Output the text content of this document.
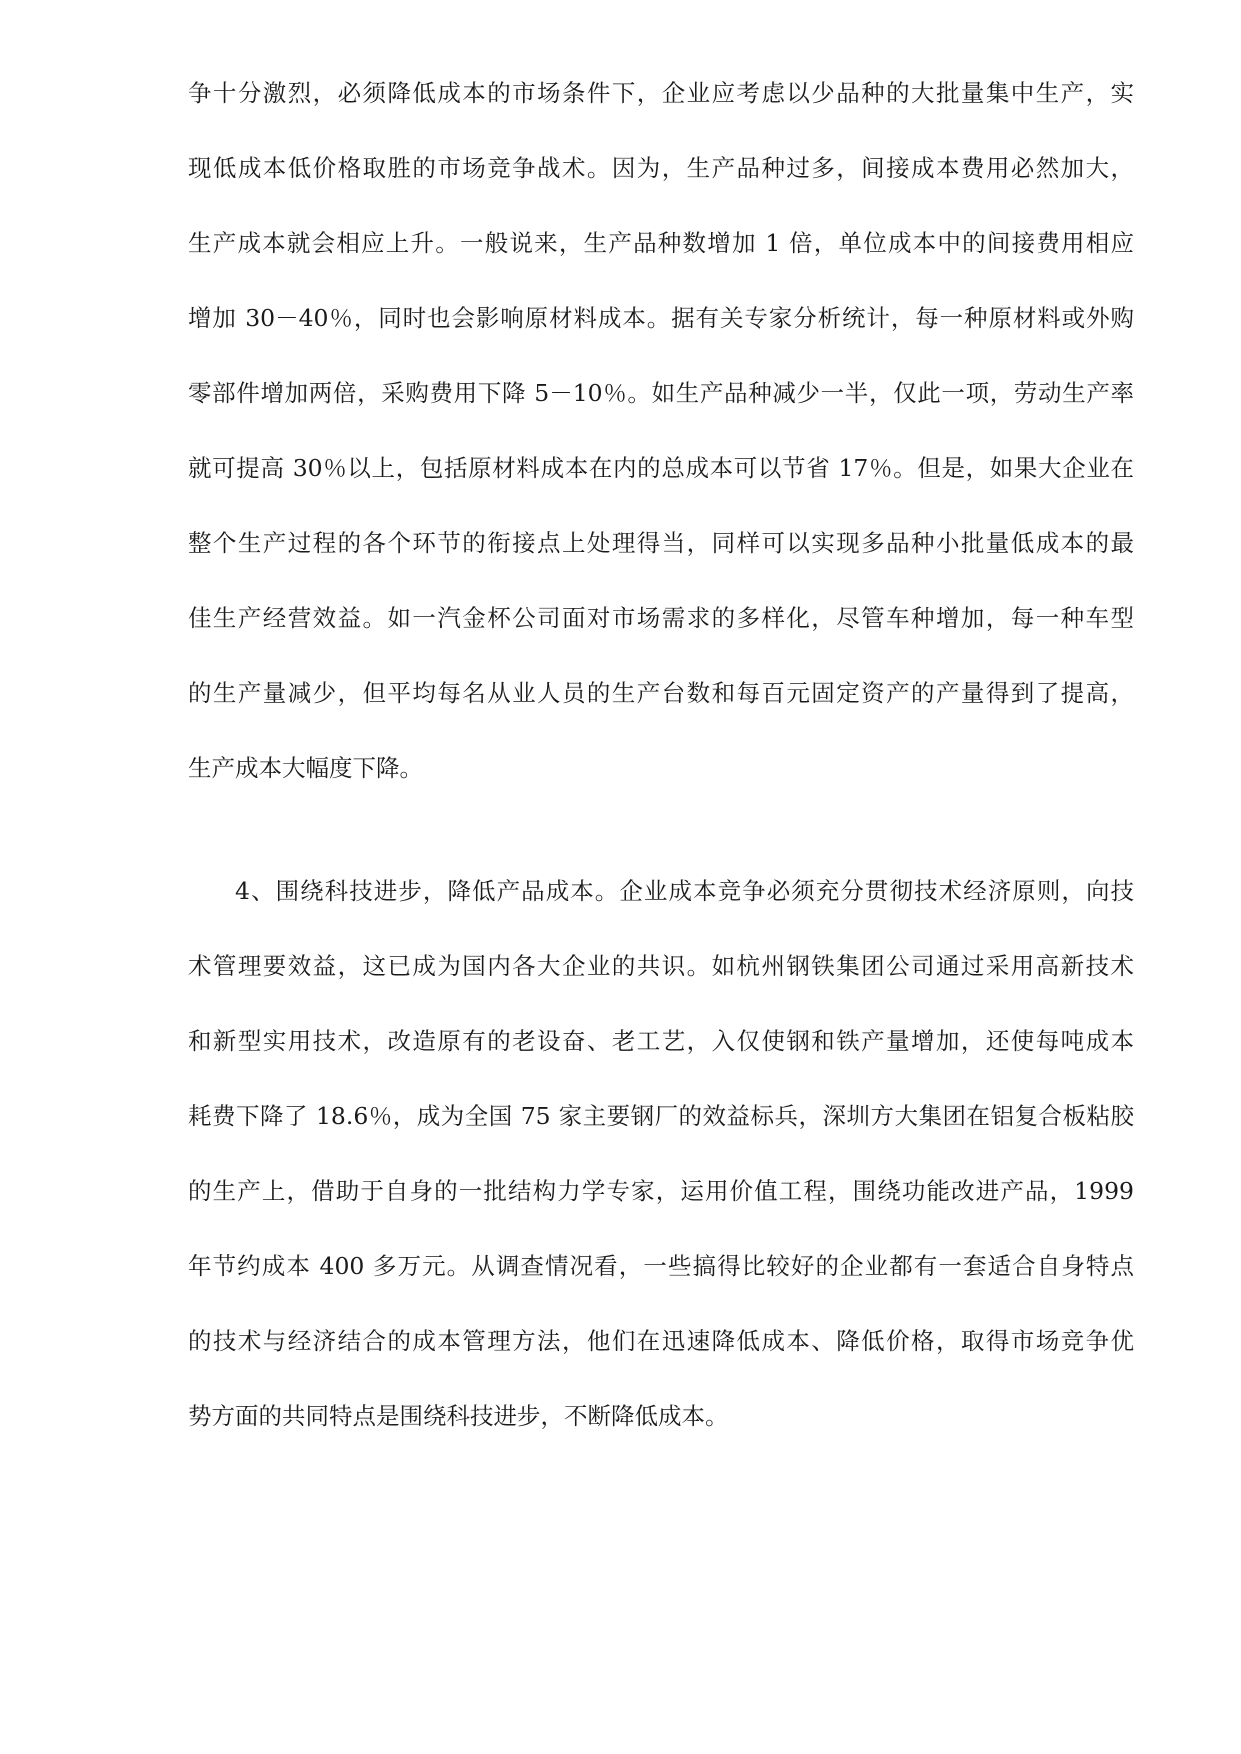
争十分激烈，必须降低成本的市场条件下，企业应考虑以少品种的大批量集中生产，实
现低成本低价格取胜的市场竞争战术。因为，生产品种过多，间接成本费用必然加大，
生产成本就会相应上升。一般说来，生产品种数增加 1 倍，单位成本中的间接费用相应
增加 30－40％，同时也会影响原材料成本。据有关专家分析统计，每一种原材料或外购
零部件增加两倍，采购费用下降 5－10％。如生产品种减少一半，仅此一项，劳动生产率
就可提高 30％以上，包括原材料成本在内的总成本可以节省 17％。但是，如果大企业在
整个生产过程的各个环节的衔接点上处理得当，同样可以实现多品种小批量低成本的最
佳生产经营效益。如一汽金杯公司面对市场需求的多样化，尽管车种增加，每一种车型
的生产量减少，但平均每名从业人员的生产台数和每百元固定资产的产量得到了提高，
生产成本大幅度下降。
4、围绕科技进步，降低产品成本。企业成本竞争必须充分贯彻技术经济原则，向技
术管理要效益，这已成为国内各大企业的共识。如杭州钢铁集团公司通过采用高新技术
和新型实用技术，改造原有的老设奋、老工艺，入仅使钢和铁产量增加，还使每吨成本
耗费下降了 18.6％，成为全国 75 家主要钢厂的效益标兵，深圳方大集团在铝复合板粘胶
的生产上，借助于自身的一批结构力学专家，运用价值工程，围绕功能改进产品，1999
年节约成本 400 多万元。从调查情况看，一些搞得比较好的企业都有一套适合自身特点
的技术与经济结合的成本管理方法，他们在迅速降低成本、降低价格，取得市场竞争优
势方面的共同特点是围绕科技进步，不断降低成本。
